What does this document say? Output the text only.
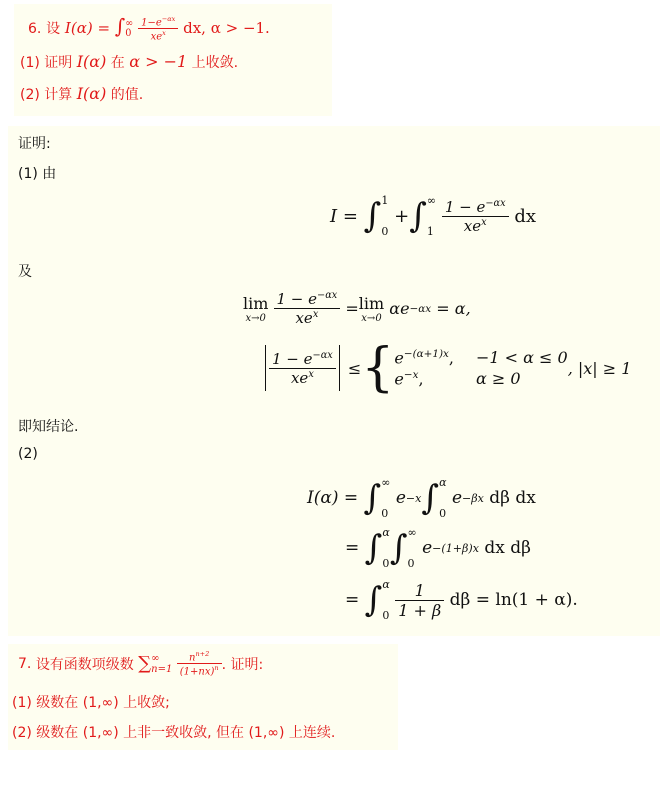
6. 设 I(α) = ∫ ∞
0
$\frac{1-e^{-\alpha x}}{xe^x}$ dx, α > −1.
(1) 证明 I(α) 在 α > −1 上收敛.
(2) 计算 I(α) 的值.
证明:
(1) 由
I =
∫ 1
0

+ ∫ ∞
1
$\frac{1 - e^{-\alpha x}}{xe^x}$
dx
及
lim
x→0
$\frac{1 - e^{-\alpha x}}{xe^x}$
= lim
x→0
αe −αx
= α,
$\frac{1 - e^{-\alpha x}}{xe^x}$
≤ { $e^{-(\alpha+1)x}$, −1 < α ≤ 0
$e^{-x}$,	α ≥ 0
, |x| ≥ 1
即知结论.
(2)
I(α) =
∫ ∞
0

e −x ∫ α
0

e −βx
dβ dx
=
∫ α
0 ∫ ∞
0

e −(1+β)x
dx dβ
=
∫ α
0
$\frac{1}{1 + \beta}$
dβ = ln(1 + α).
7.
设有函数项级数
∑ ∞
n=1
$\frac{n^{n+2}}{(1+nx)^n}$ . 证明:
(1) 级数在 (1,∞) 上收敛;
(2) 级数在 (1,∞) 上非一致收敛, 但在 (1,∞) 上连续.
